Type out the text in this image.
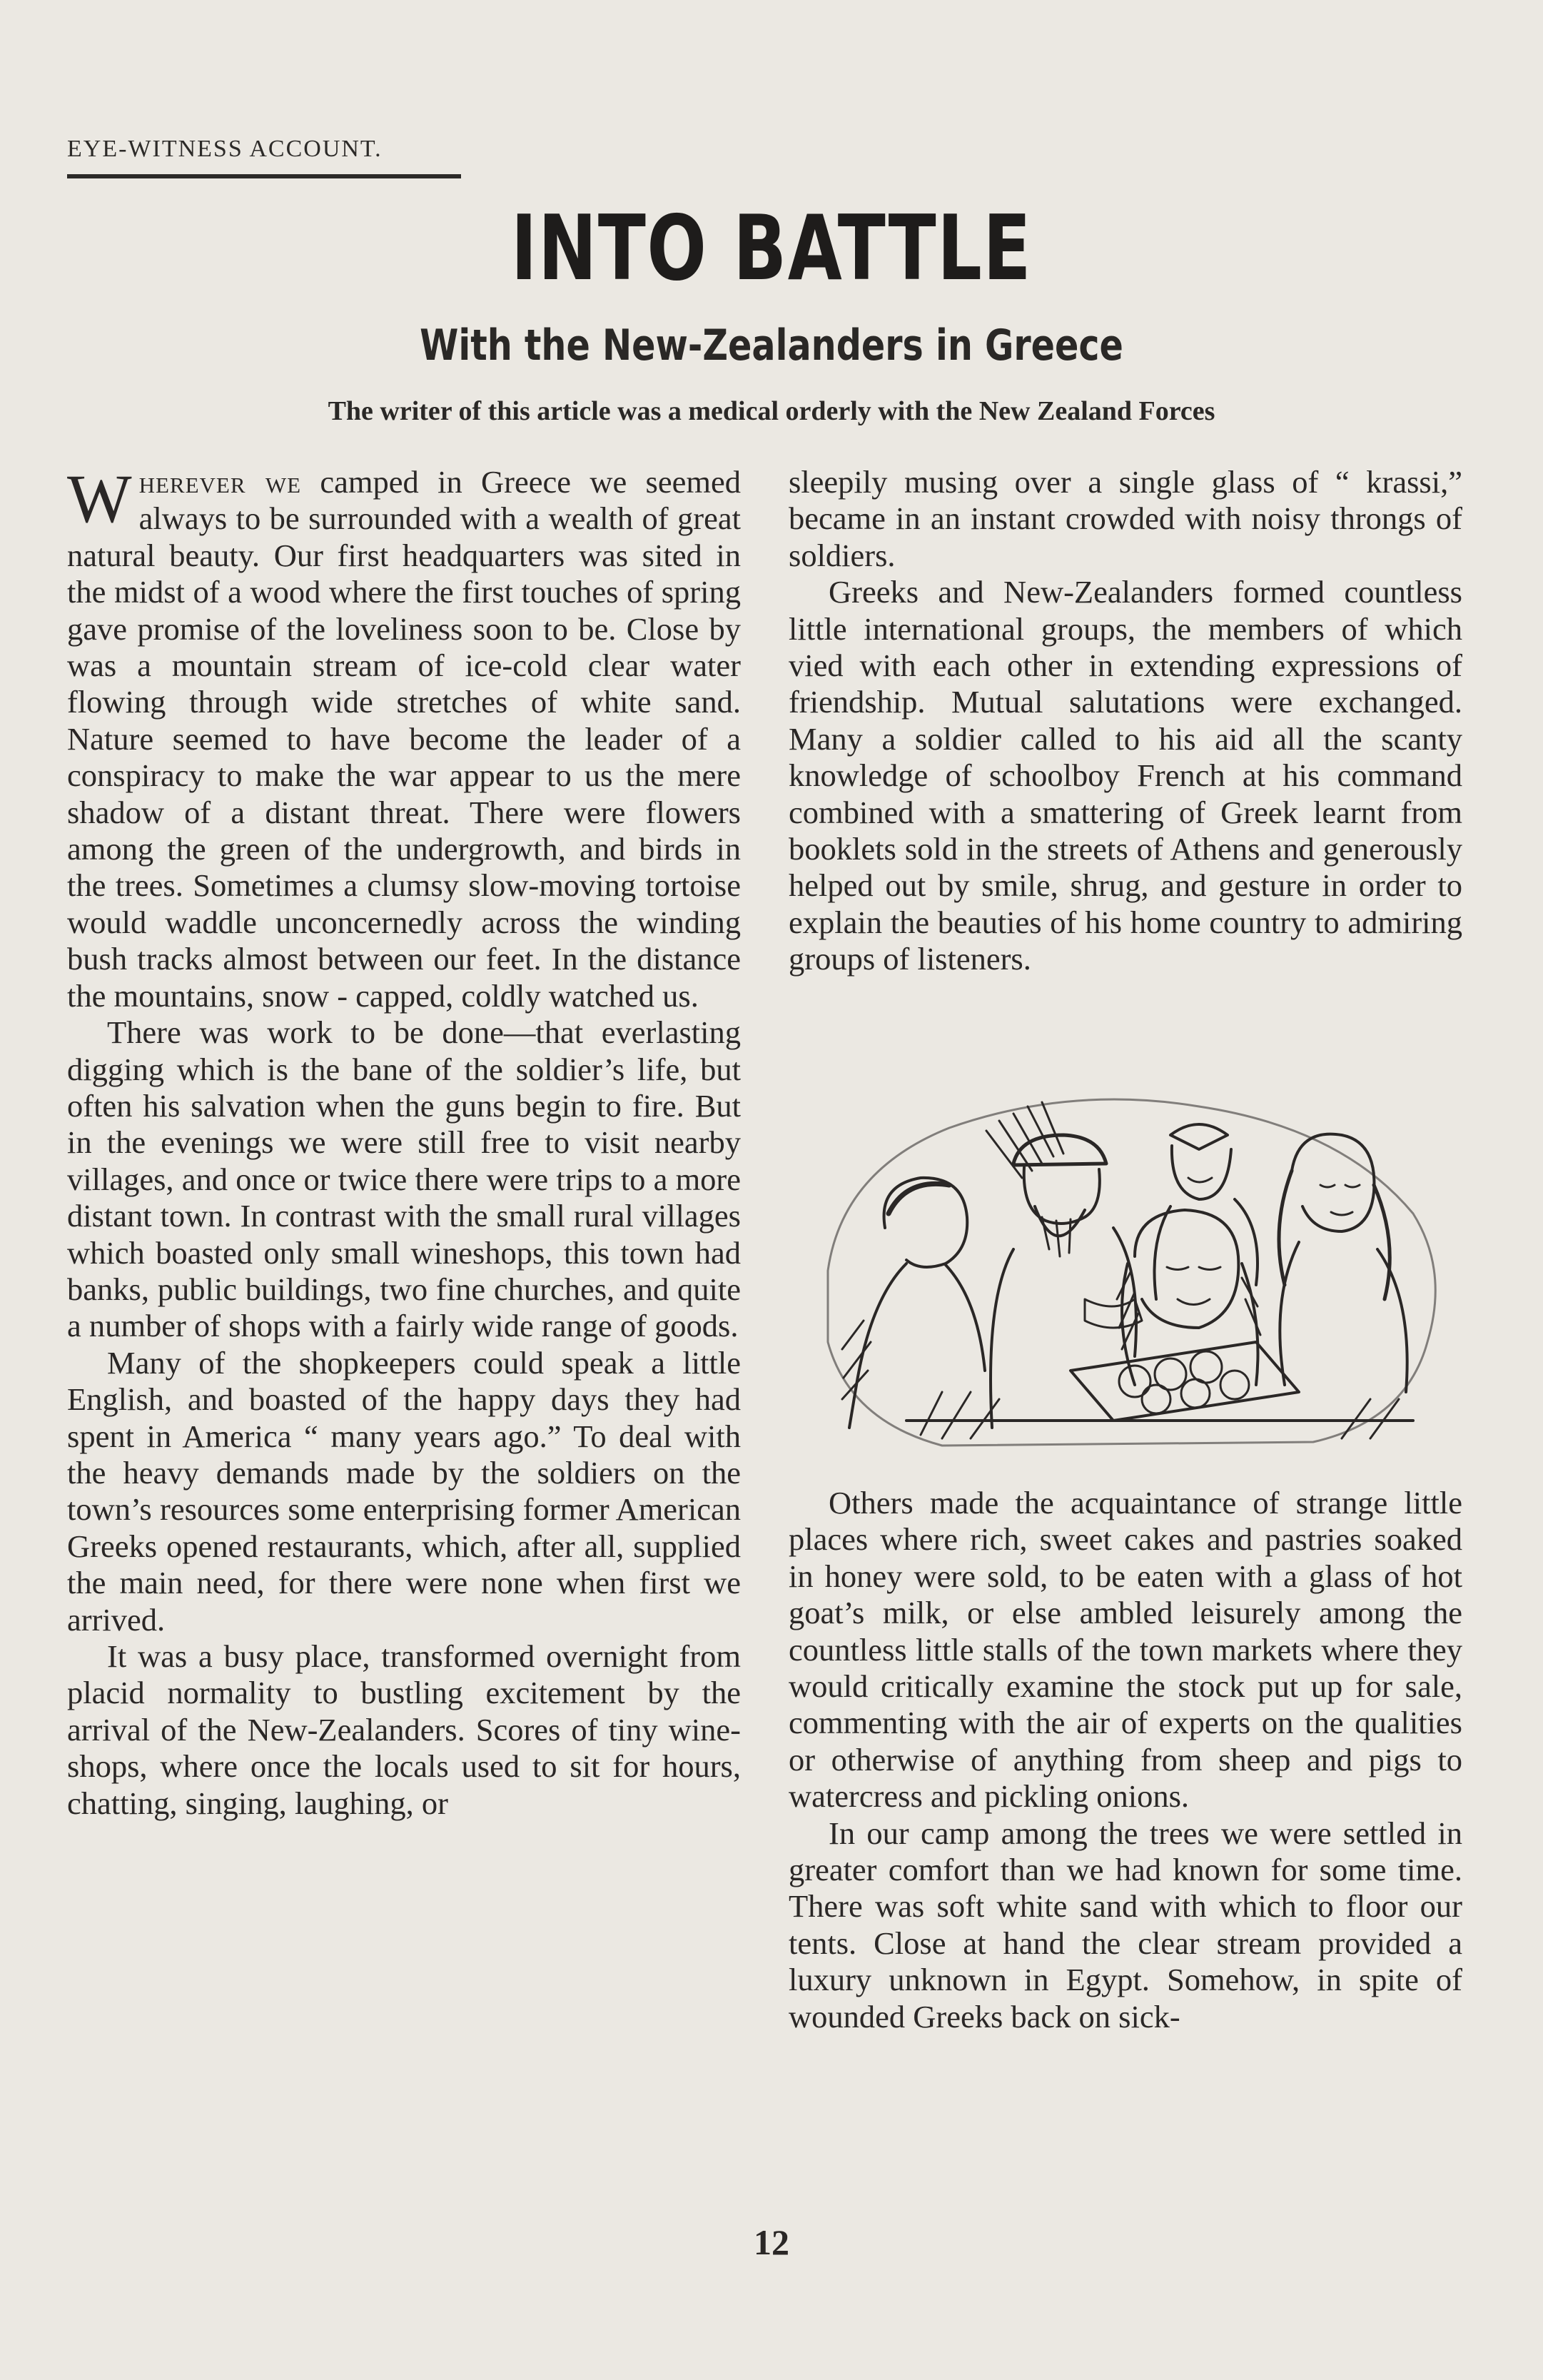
EYE-WITNESS ACCOUNT.
INTO BATTLE
With the New-Zealanders in Greece
The writer of this article was a medical orderly with the New Zealand Forces

Wherever we camped in Greece we seemed always to be surrounded with a wealth of great natural beauty. Our first headquarters was sited in the midst of a wood where the first touches of spring gave promise of the loveliness soon to be. Close by was a mountain stream of ice-cold clear water flowing through wide stretches of white sand. Nature seemed to have become the leader of a conspiracy to make the war appear to us the mere shadow of a distant threat. There were flowers among the green of the undergrowth, and birds in the trees. Sometimes a clumsy slow-moving tortoise would waddle unconcernedly across the winding bush tracks almost between our feet. In the distance the mountains, snow - capped, coldly watched us.

There was work to be done—that everlasting digging which is the bane of the soldier’s life, but often his salvation when the guns begin to fire. But in the evenings we were still free to visit nearby villages, and once or twice there were trips to a more distant town. In contrast with the small rural villages which boasted only small wineshops, this town had banks, public buildings, two fine churches, and quite a number of shops with a fairly wide range of goods.

Many of the shopkeepers could speak a little English, and boasted of the happy days they had spent in America “ many years ago.” To deal with the heavy demands made by the soldiers on the town’s resources some enterprising former American Greeks opened restaurants, which, after all, supplied the main need, for there were none when first we arrived.

It was a busy place, transformed overnight from placid normality to bustling excitement by the arrival of the New-Zealanders. Scores of tiny wine-shops, where once the locals used to sit for hours, chatting, singing, laughing, or

sleepily musing over a single glass of “ krassi,” became in an instant crowded with noisy throngs of soldiers.

Greeks and New-Zealanders formed countless little international groups, the members of which vied with each other in extending expressions of friendship. Mutual salutations were exchanged. Many a soldier called to his aid all the scanty knowledge of schoolboy French at his command combined with a smattering of Greek learnt from booklets sold in the streets of Athens and generously helped out by smile, shrug, and gesture in order to explain the beauties of his home country to admiring groups of listeners.

Others made the acquaintance of strange little places where rich, sweet cakes and pastries soaked in honey were sold, to be eaten with a glass of hot goat’s milk, or else ambled leisurely among the countless little stalls of the town markets where they would critically examine the stock put up for sale, commenting with the air of experts on the qualities or otherwise of anything from sheep and pigs to watercress and pickling onions.

In our camp among the trees we were settled in greater comfort than we had known for some time. There was soft white sand with which to floor our tents. Close at hand the clear stream provided a luxury unknown in Egypt. Somehow, in spite of wounded Greeks back on sick-

12
